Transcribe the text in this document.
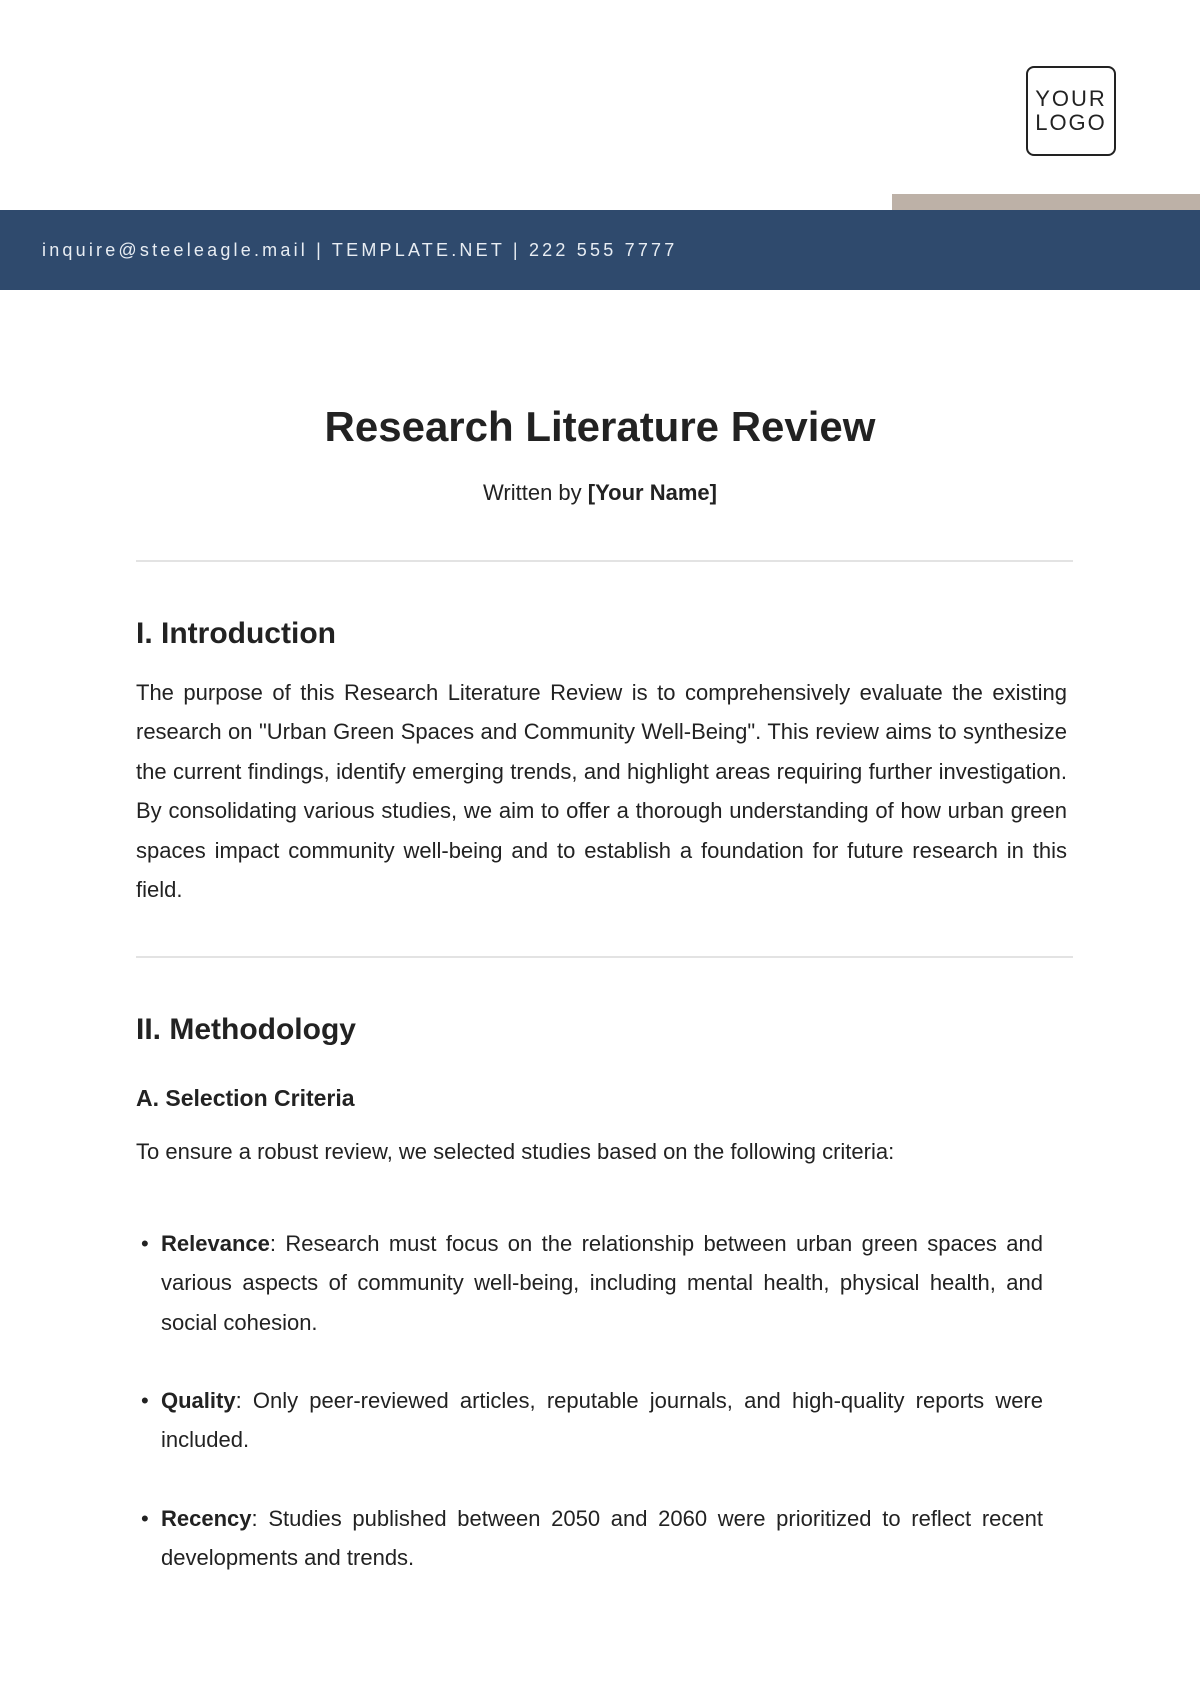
YOUR
LOGO
inquire@steeleagle.mail | TEMPLATE.NET | 222 555 7777
Research Literature Review
Written by [Your Name]
I. Introduction

The purpose of this Research Literature Review is to comprehensively evaluate the existing research on "Urban Green Spaces and Community Well-Being". This review aims to synthesize the current findings, identify emerging trends, and highlight areas requiring further investigation. By consolidating various studies, we aim to offer a thorough understanding of how urban green spaces impact community well-being and to establish a foundation for future research in this field.

II. Methodology
A. Selection Criteria

To ensure a robust review, we selected studies based on the following criteria:

• Relevance: Research must focus on the relationship between urban green spaces and various aspects of community well-being, including mental health, physical health, and social cohesion.
• Quality: Only peer-reviewed articles, reputable journals, and high-quality reports were included.
• Recency: Studies published between 2050 and 2060 were prioritized to reflect recent developments and trends.
